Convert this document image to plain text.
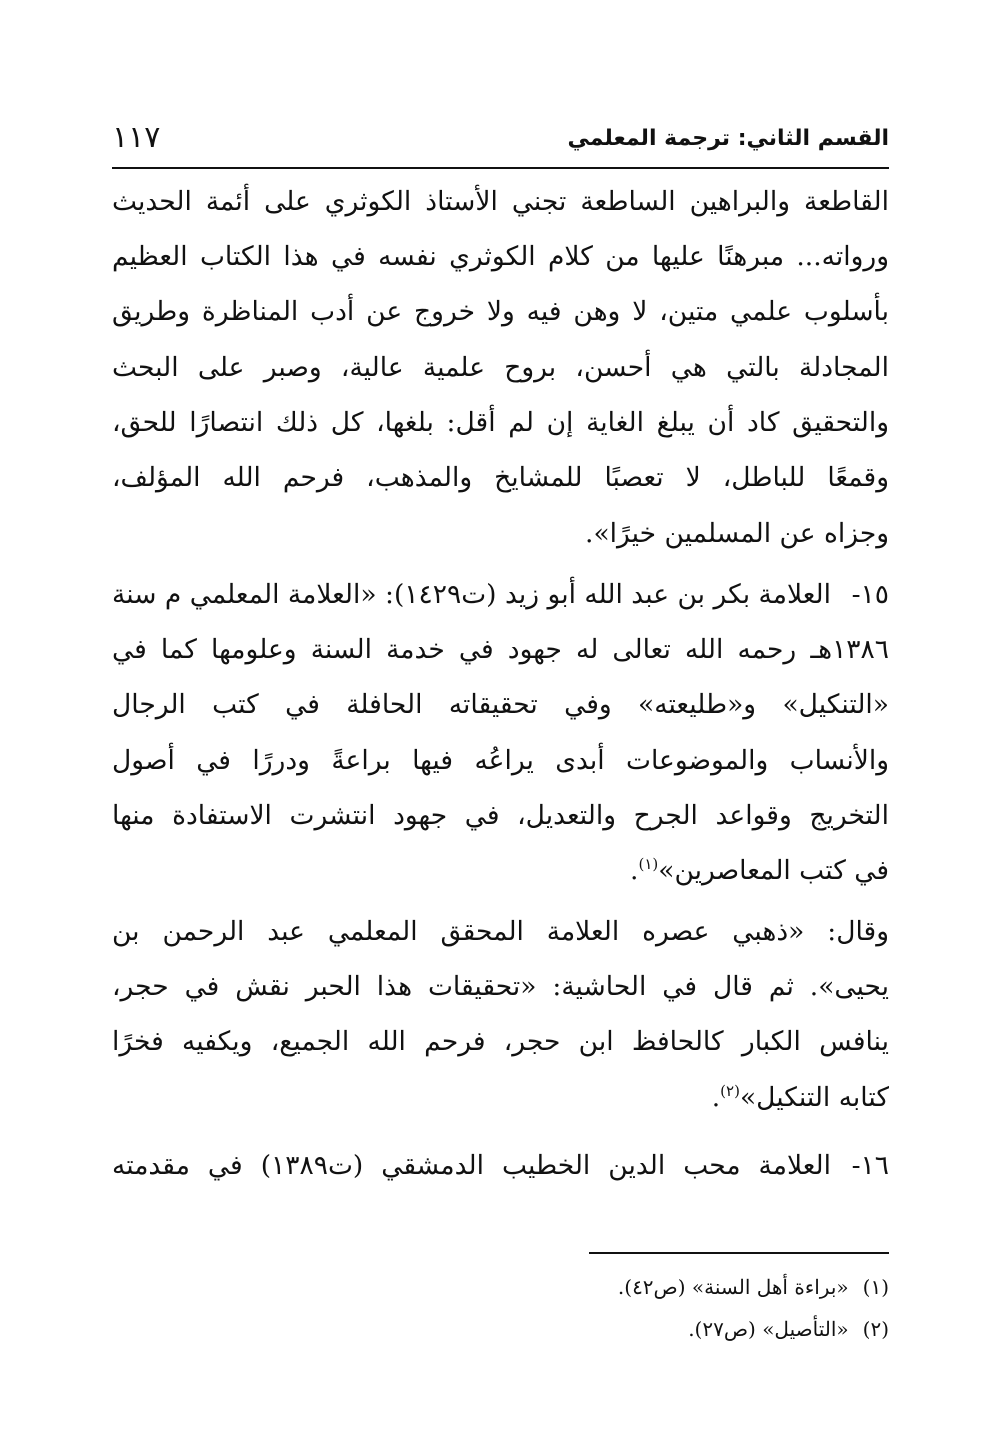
القسم الثاني: ترجمة المعلمي
١١٧
القاطعة والبراهين الساطعة تجني الأستاذ الكوثري على أئمة الحديث
ورواته... مبرهنًا عليها من كلام الكوثري نفسه في هذا الكتاب العظيم
بأسلوب علمي متين، لا وهن فيه ولا خروج عن أدب المناظرة وطريق
المجادلة بالتي هي أحسن، بروح علمية عالية، وصبر على البحث
والتحقيق كاد أن يبلغ الغاية إن لم أقل: بلغها، كل ذلك انتصارًا للحق،
وقمعًا للباطل، لا تعصبًا للمشايخ والمذهب، فرحم الله المؤلف،
وجزاه عن المسلمين خيرًا».
١٥-
العلامة بكر بن عبد الله أبو زيد (ت١٤٢٩): «العلامة المعلمي م سنة
١٣٨٦هـ رحمه الله تعالى له جهود في خدمة السنة وعلومها كما في
«التنكيل» و«طليعته» وفي تحقيقاته الحافلة في كتب الرجال
والأنساب والموضوعات أبدى يراعُه فيها براعةً ودررًا في أصول
التخريج وقواعد الجرح والتعديل، في جهود انتشرت الاستفادة منها
في كتب المعاصرين»$^{(١)}$.
وقال: «ذهبي عصره العلامة المحقق المعلمي عبد الرحمن بن
يحيى». ثم قال في الحاشية: «تحقيقات هذا الحبر نقش في حجر،
ينافس الكبار كالحافظ ابن حجر، فرحم الله الجميع، ويكفيه فخرًا
كتابه التنكيل»$^{(٢)}$.
١٦-
العلامة محب الدين الخطيب الدمشقي (ت١٣٨٩) في مقدمته
(١)«براءة أهل السنة» (ص٤٢).
(٢)«التأصيل» (ص٢٧).
